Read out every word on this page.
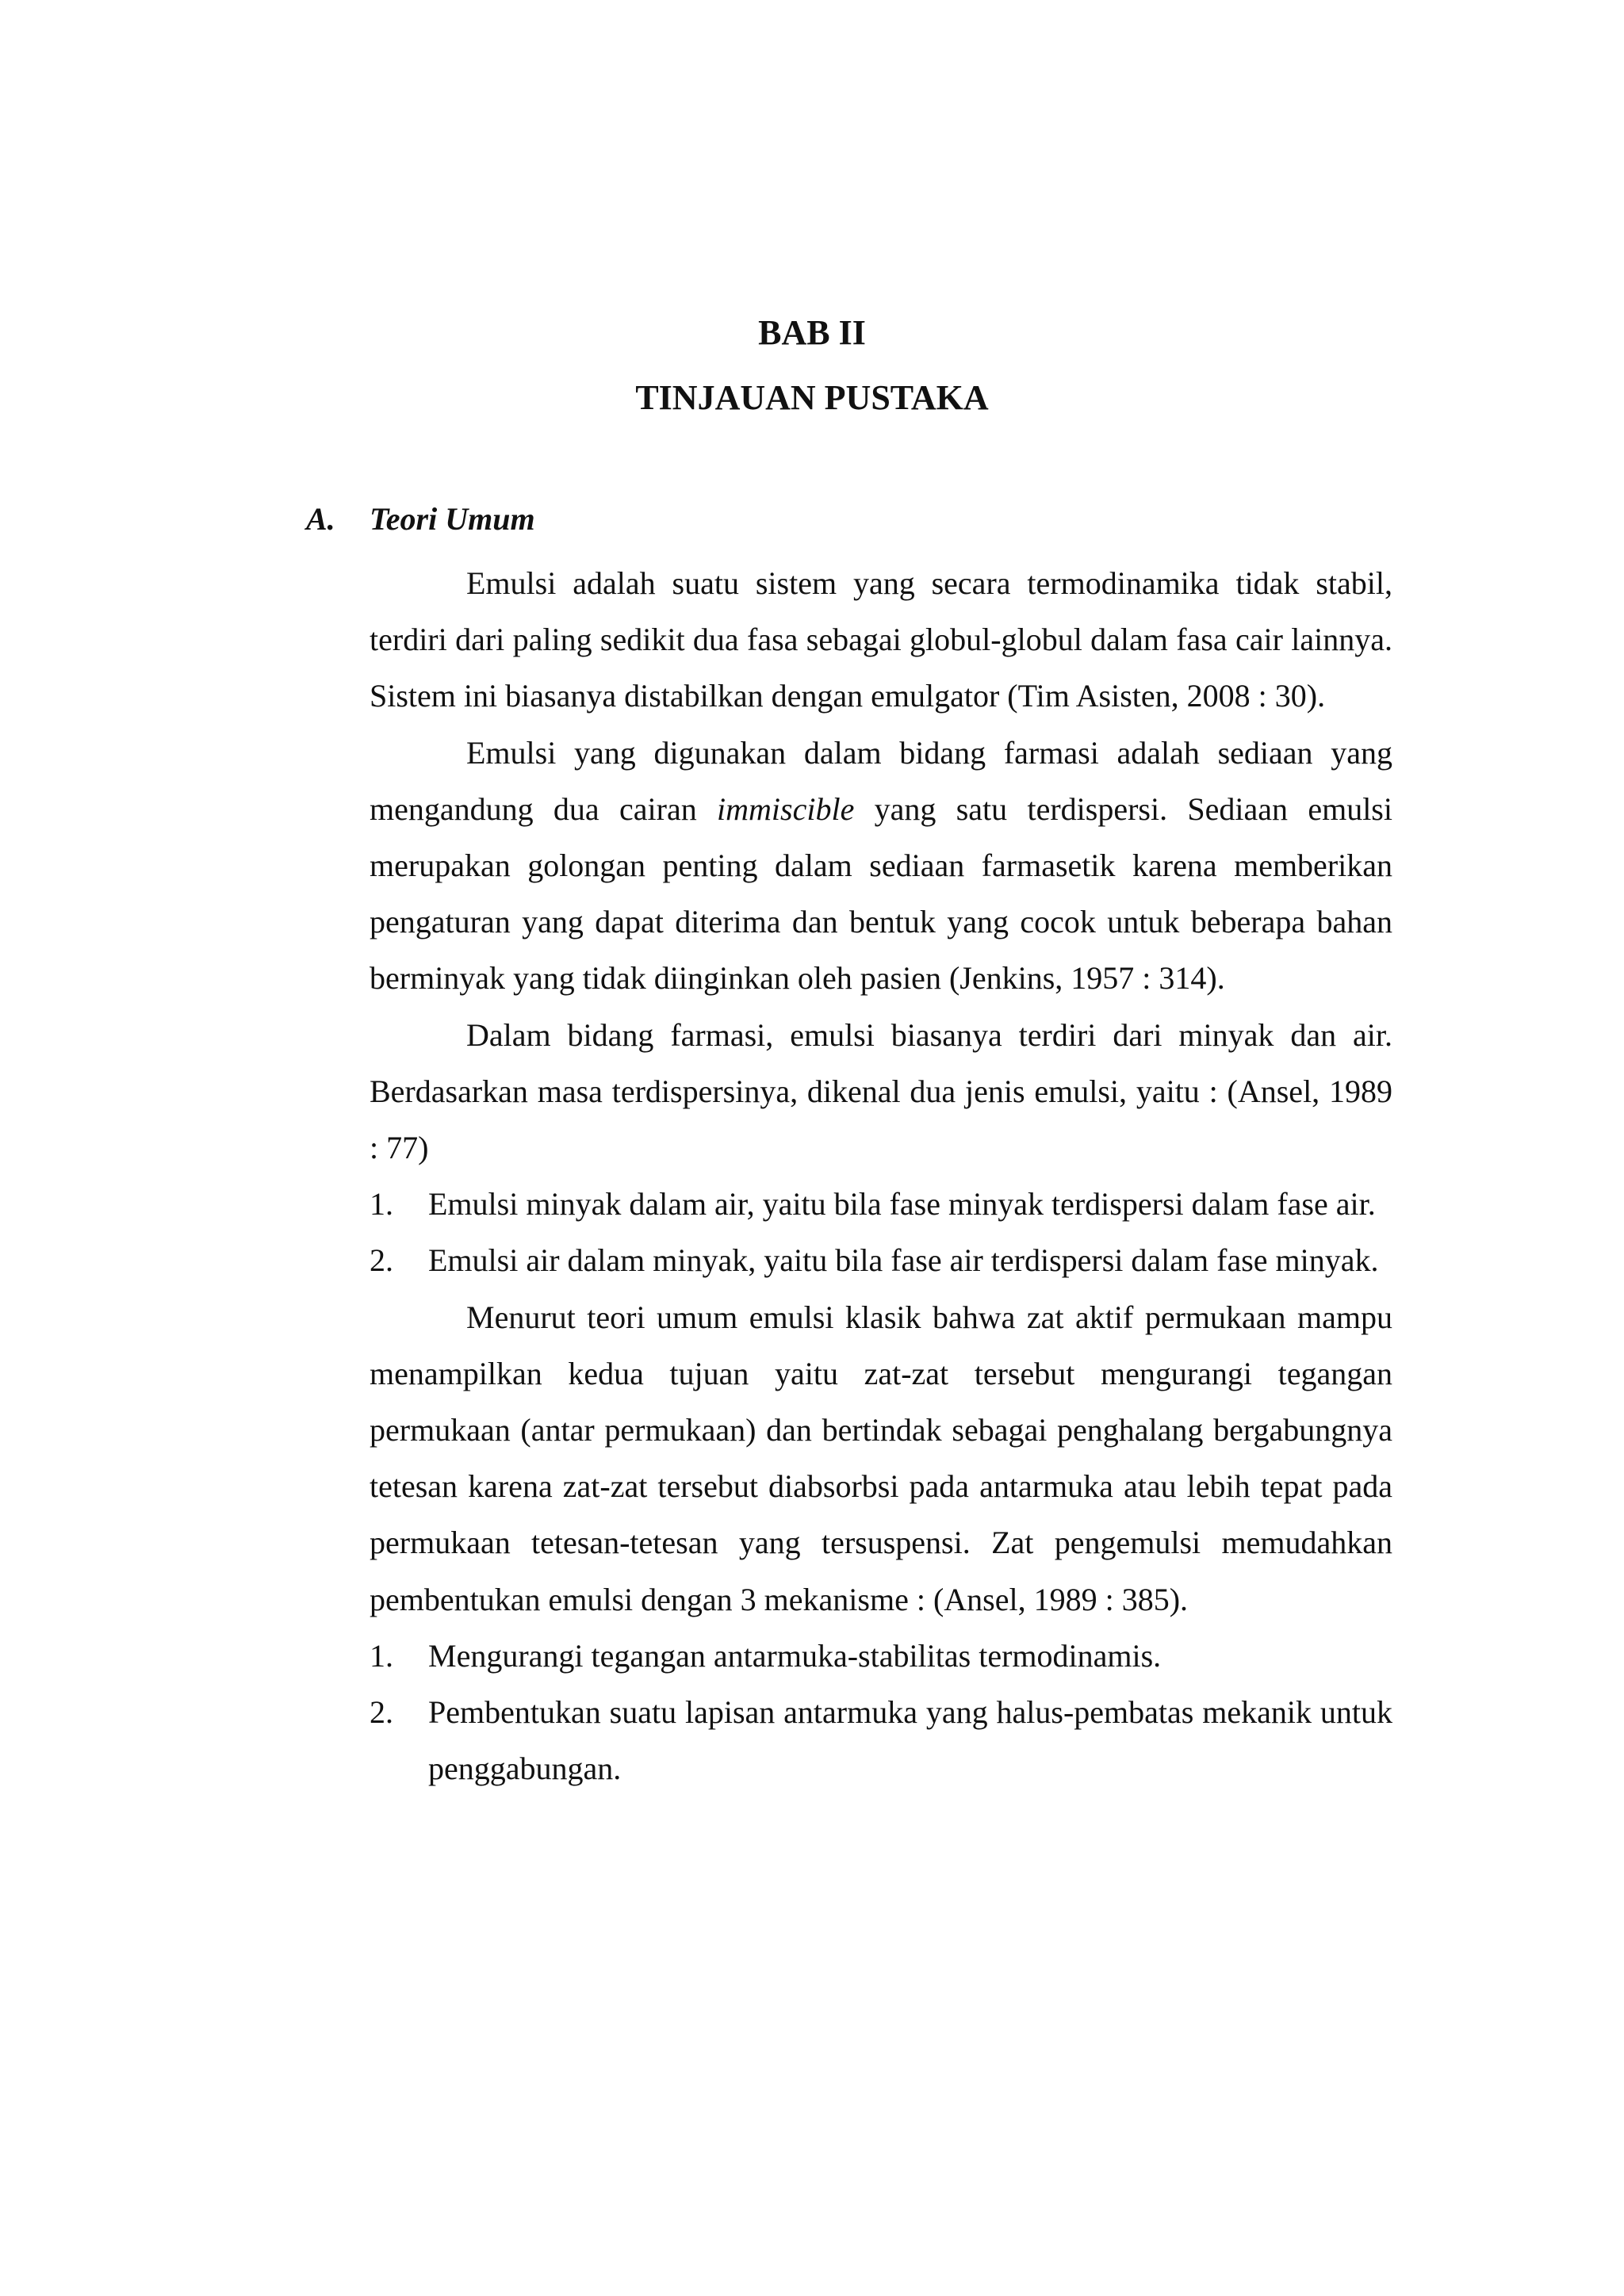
BAB II
TINJAUAN PUSTAKA
A. Teori Umum

Emulsi adalah suatu sistem yang secara termodinamika tidak stabil, terdiri dari paling sedikit dua fasa sebagai globul-globul dalam fasa cair lainnya. Sistem ini biasanya distabilkan dengan emulgator (Tim Asisten, 2008 : 30).

Emulsi yang digunakan dalam bidang farmasi adalah sediaan yang mengandung dua cairan immiscible yang satu terdispersi. Sediaan emulsi merupakan golongan penting dalam sediaan farmasetik karena memberikan pengaturan yang dapat diterima dan bentuk yang cocok untuk beberapa bahan berminyak yang tidak diinginkan oleh pasien (Jenkins, 1957 : 314).

Dalam bidang farmasi, emulsi biasanya terdiri dari minyak dan air. Berdasarkan masa terdispersinya, dikenal dua jenis emulsi, yaitu : (Ansel, 1989 : 77)

1. Emulsi minyak dalam air, yaitu bila fase minyak terdispersi dalam fase air.
2. Emulsi air dalam minyak, yaitu bila fase air terdispersi dalam fase minyak.

Menurut teori umum emulsi klasik bahwa zat aktif permukaan mampu menampilkan kedua tujuan yaitu zat-zat tersebut mengurangi tegangan permukaan (antar permukaan) dan bertindak sebagai penghalang bergabungnya tetesan karena zat-zat tersebut diabsorbsi pada antarmuka atau lebih tepat pada permukaan tetesan-tetesan yang tersuspensi. Zat pengemulsi memudahkan pembentukan emulsi dengan 3 mekanisme : (Ansel, 1989 : 385).

1. Mengurangi tegangan antarmuka-stabilitas termodinamis.
2. Pembentukan suatu lapisan antarmuka yang halus-pembatas mekanik untuk penggabungan.
